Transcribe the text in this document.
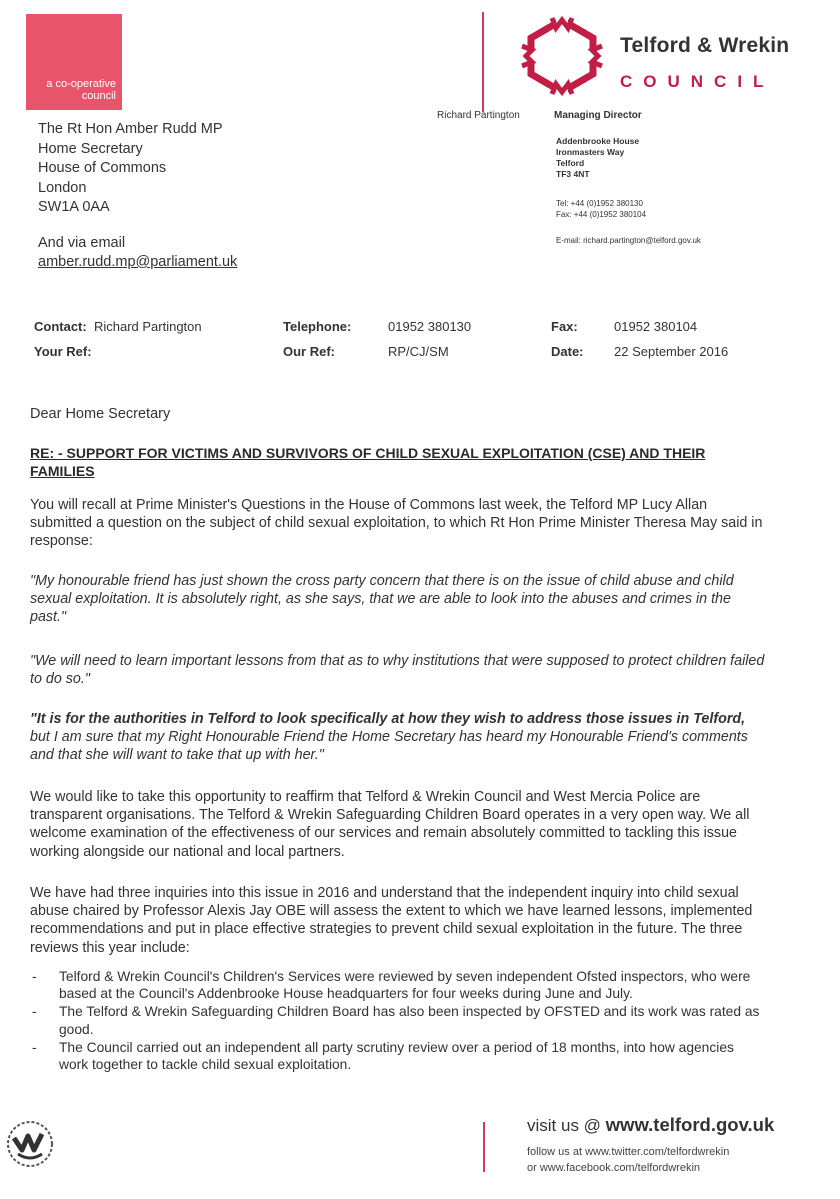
a co-operative
council
Telford & Wrekin
COUNCIL
Richard Partington	Managing Director
Addenbrooke House
Ironmasters Way
Telford
TF3 4NT
Tel: +44 (0)1952 380130
Fax: +44 (0)1952 380104
E-mail: richard.partington@telford.gov.uk
The Rt Hon Amber Rudd MP
Home Secretary
House of Commons
London
SW1A 0AA
And via email
amber.rudd.mp@parliament.uk
Contact: Richard Partington	Telephone:	01952 380130	Fax:	01952 380104
Your Ref:	Our Ref:	RP/CJ/SM	Date: 22 September 2016
Dear Home Secretary
RE: - SUPPORT FOR VICTIMS AND SURVIVORS OF CHILD SEXUAL EXPLOITATION (CSE) AND THEIR FAMILIES

You will recall at Prime Minister's Questions in the House of Commons last week, the Telford MP Lucy Allan submitted a question on the subject of child sexual exploitation, to which Rt Hon Prime Minister Theresa May said in response:

"My honourable friend has just shown the cross party concern that there is on the issue of child abuse and child sexual exploitation. It is absolutely right, as she says, that we are able to look into the abuses and crimes in the past."

"We will need to learn important lessons from that as to why institutions that were supposed to protect children failed to do so."

"It is for the authorities in Telford to look specifically at how they wish to address those issues in Telford, but I am sure that my Right Honourable Friend the Home Secretary has heard my Honourable Friend's comments and that she will want to take that up with her."

We would like to take this opportunity to reaffirm that Telford & Wrekin Council and West Mercia Police are transparent organisations. The Telford & Wrekin Safeguarding Children Board operates in a very open way. We all welcome examination of the effectiveness of our services and remain absolutely committed to tackling this issue working alongside our national and local partners.

We have had three inquiries into this issue in 2016 and understand that the independent inquiry into child sexual abuse chaired by Professor Alexis Jay OBE will assess the extent to which we have learned lessons, implemented recommendations and put in place effective strategies to prevent child sexual exploitation in the future. The three reviews this year include:

- Telford & Wrekin Council's Children's Services were reviewed by seven independent Ofsted inspectors, who were based at the Council's Addenbrooke House headquarters for four weeks during June and July.
- The Telford & Wrekin Safeguarding Children Board has also been inspected by OFSTED and its work was rated as good.
- The Council carried out an independent all party scrutiny review over a period of 18 months, into how agencies work together to tackle child sexual exploitation.
visit us @ www.telford.gov.uk
follow us at www.twitter.com/telfordwrekin
or www.facebook.com/telfordwrekin
